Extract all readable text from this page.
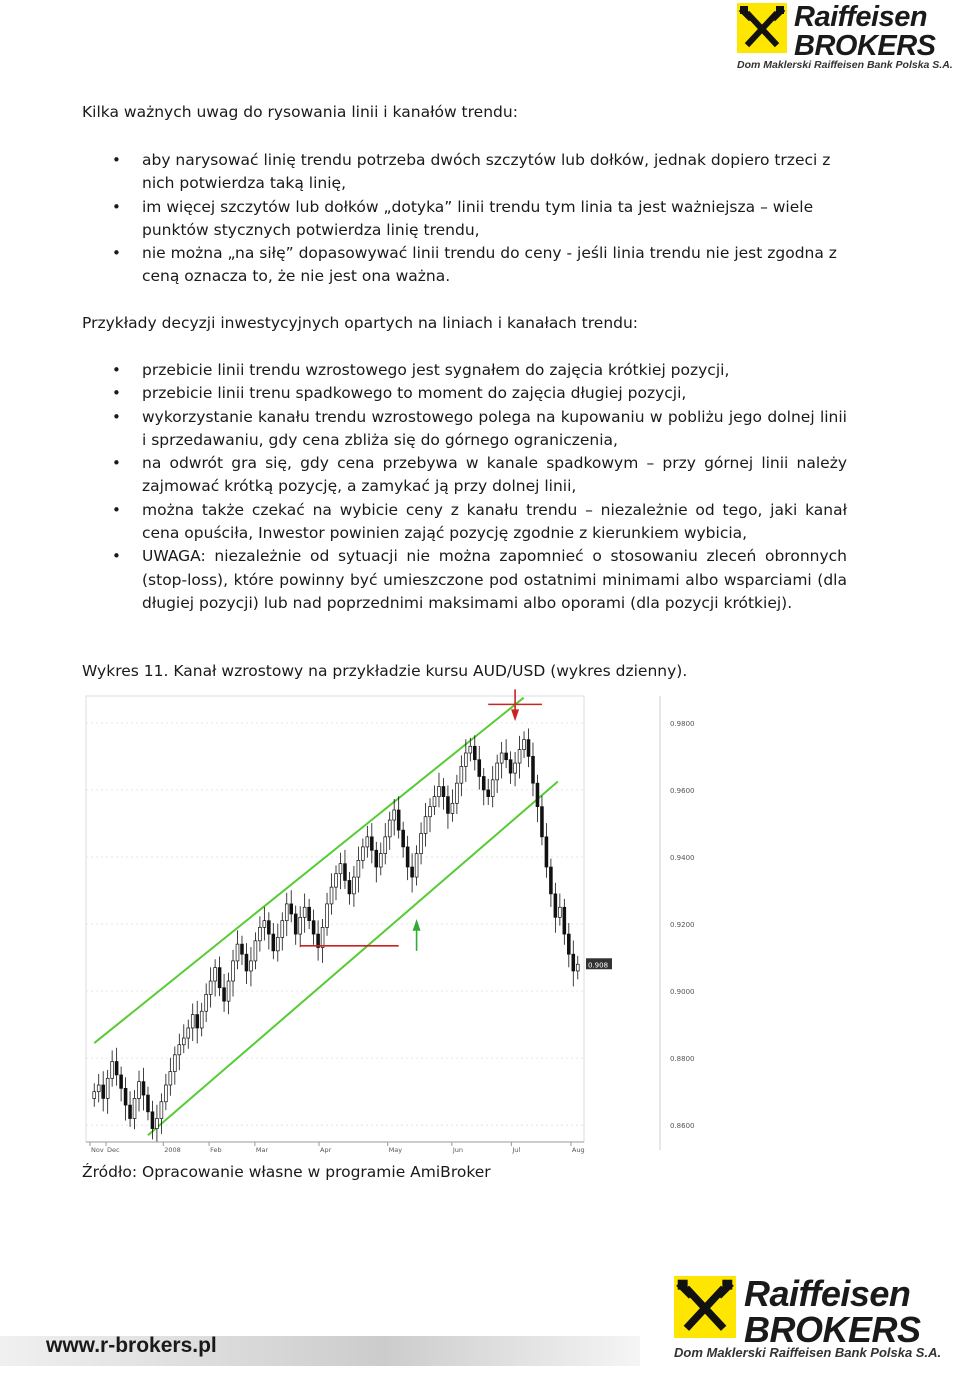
Raiffeisen
BROKERS
Dom Maklerski Raiffeisen Bank Polska S.A.
Kilka ważnych uwag do rysowania linii i kanałów trendu:
• aby narysować linię trendu potrzeba dwóch szczytów lub dołków, jednak dopiero trzeci z nich potwierdza taką linię,
• im więcej szczytów lub dołków „dotyka” linii trendu tym linia ta jest ważniejsza – wiele punktów stycznych potwierdza linię trendu,
• nie można „na siłę” dopasowywać linii trendu do ceny - jeśli linia trendu nie jest zgodna z ceną oznacza to, że nie jest ona ważna.
Przykłady decyzji inwestycyjnych opartych na liniach i kanałach trendu:
• przebicie linii trendu wzrostowego jest sygnałem do zajęcia krótkiej pozycji,
• przebicie linii trenu spadkowego to moment do zajęcia długiej pozycji,
• wykorzystanie kanału trendu wzrostowego polega na kupowaniu w pobliżu jego dolnej linii i sprzedawaniu, gdy cena zbliża się do górnego ograniczenia,
• na odwrót gra się, gdy cena przebywa w kanale spadkowym – przy górnej linii należy zajmować krótką pozycję, a zamykać ją przy dolnej linii,
• można także czekać na wybicie ceny z kanału trendu – niezależnie od tego, jaki kanał cena opuściła, Inwestor powinien zająć pozycję zgodnie z kierunkiem wybicia,
• UWAGA: niezależnie od sytuacji nie można zapomnieć o stosowaniu zleceń obronnych (stop-loss), które powinny być umieszczone pod ostatnimi minimami albo wsparciami (dla długiej pozycji) lub nad poprzednimi maksimami albo oporami (dla pozycji krótkiej).
Wykres 11. Kanał wzrostowy na przykładzie kursu AUD/USD (wykres dzienny).
0.9800
0.9600
0.9400
0.9200
0.9000
0.8800
0.8600
0.908
Nov Dec	2008	Feb	Mar	Apr	May	Jun	Jul	Aug
Źródło: Opracowanie własne w programie AmiBroker
www.r-brokers.pl
Raiffeisen
BROKERS
Dom Maklerski Raiffeisen Bank Polska S.A.
